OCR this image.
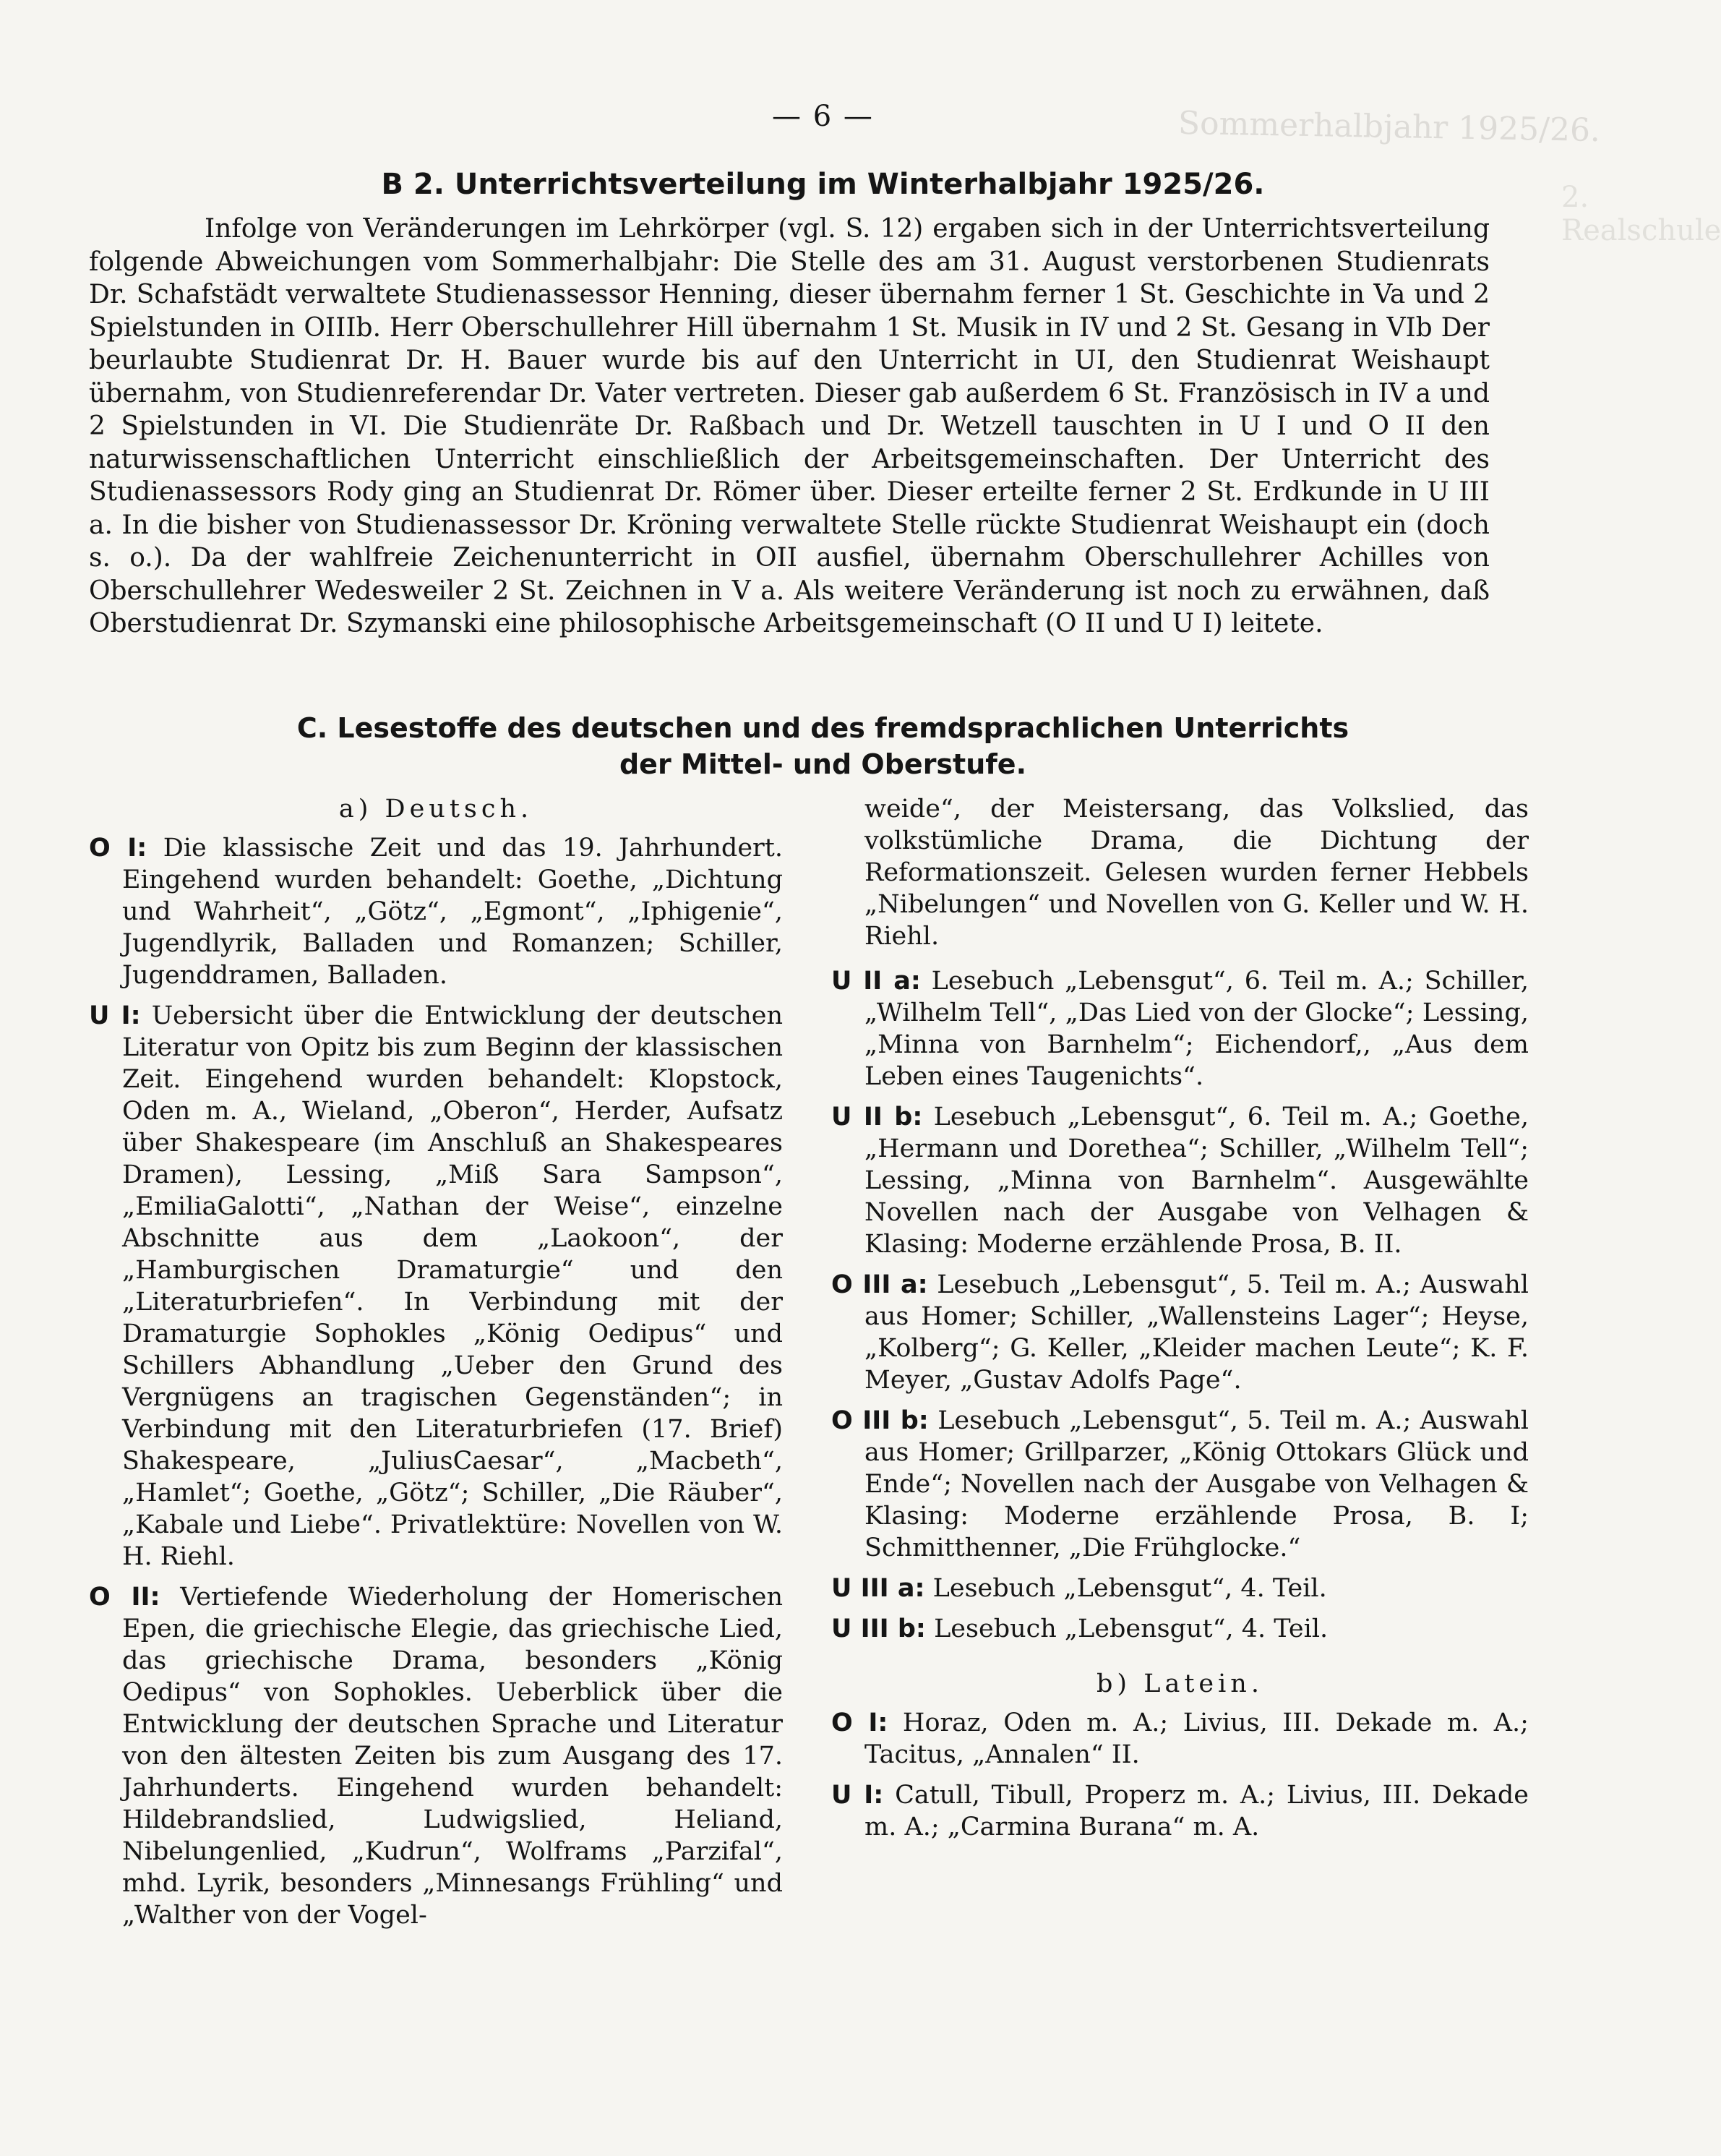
Sommerhalbjahr 1925/26.
2. Realschule
— 6 —
B 2. Unterrichtsverteilung im Winterhalbjahr 1925/26.

Infolge von Veränderungen im Lehrkörper (vgl. S. 12) ergaben sich in der Unterrichtsverteilung folgende Abweichungen vom Sommerhalbjahr: Die Stelle des am 31. August verstorbenen Studienrats Dr. Schafstädt verwaltete Studienassessor Henning, dieser übernahm ferner 1 St. Geschichte in Va und 2 Spielstunden in OIIIb. Herr Oberschullehrer Hill übernahm 1 St. Musik in IV und 2 St. Gesang in VIb Der beurlaubte Studienrat Dr. H. Bauer wurde bis auf den Unterricht in UI, den Studienrat Weishaupt übernahm, von Studienreferendar Dr. Vater vertreten. Dieser gab außerdem 6 St. Französisch in IV a und 2 Spielstunden in VI. Die Studienräte Dr. Raßbach und Dr. Wetzell tauschten in U I und O II den naturwissenschaftlichen Unterricht einschließlich der Arbeitsgemeinschaften. Der Unterricht des Studienassessors Rody ging an Studienrat Dr. Römer über. Dieser erteilte ferner 2 St. Erdkunde in U III a. In die bisher von Studienassessor Dr. Kröning verwaltete Stelle rückte Studienrat Weishaupt ein (doch s. o.). Da der wahlfreie Zeichenunterricht in OII ausfiel, übernahm Oberschullehrer Achilles von Oberschullehrer Wedesweiler 2 St. Zeichnen in V a. Als weitere Veränderung ist noch zu erwähnen, daß Oberstudienrat Dr. Szymanski eine philosophische Arbeitsgemeinschaft (O II und U I) leitete.

C. Lesestoffe des deutschen und des fremdsprachlichen Unterrichts
der Mittel- und Oberstufe.
a) Deutsch.

O I: Die klassische Zeit und das 19. Jahrhundert. Eingehend wurden behandelt: Goethe, „Dichtung und Wahrheit“, „Götz“, „Egmont“, „Iphigenie“, Jugendlyrik, Balladen und Romanzen; Schiller, Jugenddramen, Balladen.

U I: Uebersicht über die Entwicklung der deutschen Literatur von Opitz bis zum Beginn der klassischen Zeit. Eingehend wurden behandelt: Klopstock, Oden m. A., Wieland, „Oberon“, Herder, Aufsatz über Shakespeare (im Anschluß an Shakespeares Dramen), Lessing, „Miß Sara Sampson“, „EmiliaGalotti“, „Nathan der Weise“, einzelne Abschnitte aus dem „Laokoon“, der „Hamburgischen Dramaturgie“ und den „Literaturbriefen“. In Verbindung mit der Dramaturgie Sophokles „König Oedipus“ und Schillers Abhandlung „Ueber den Grund des Vergnügens an tragischen Gegenständen“; in Verbindung mit den Literaturbriefen (17. Brief) Shakespeare, „JuliusCaesar“, „Macbeth“, „Hamlet“; Goethe, „Götz“; Schiller, „Die Räuber“, „Kabale und Liebe“. Privatlektüre: Novellen von W. H. Riehl.

O II: Vertiefende Wiederholung der Homerischen Epen, die griechische Elegie, das griechische Lied, das griechische Drama, besonders „König Oedipus“ von Sophokles. Ueberblick über die Entwicklung der deutschen Sprache und Literatur von den ältesten Zeiten bis zum Ausgang des 17. Jahrhunderts. Eingehend wurden behandelt: Hildebrandslied, Ludwigslied, Heliand, Nibelungenlied, „Kudrun“, Wolframs „Parzifal“, mhd. Lyrik, besonders „Minnesangs Frühling“ und „Walther von der Vogel-

weide“, der Meistersang, das Volkslied, das volkstümliche Drama, die Dichtung der Reformationszeit. Gelesen wurden ferner Hebbels „Nibelungen“ und Novellen von G. Keller und W. H. Riehl.

U II a: Lesebuch „Lebensgut“, 6. Teil m. A.; Schiller, „Wilhelm Tell“, „Das Lied von der Glocke“; Lessing, „Minna von Barnhelm“; Eichendorf,, „Aus dem Leben eines Taugenichts“.

U II b: Lesebuch „Lebensgut“, 6. Teil m. A.; Goethe, „Hermann und Dorethea“; Schiller, „Wilhelm Tell“; Lessing, „Minna von Barnhelm“. Ausgewählte Novellen nach der Ausgabe von Velhagen & Klasing: Moderne erzählende Prosa, B. II.

O III a: Lesebuch „Lebensgut“, 5. Teil m. A.; Auswahl aus Homer; Schiller, „Wallensteins Lager“; Heyse, „Kolberg“; G. Keller, „Kleider machen Leute“; K. F. Meyer, „Gustav Adolfs Page“.

O III b: Lesebuch „Lebensgut“, 5. Teil m. A.; Auswahl aus Homer; Grillparzer, „König Ottokars Glück und Ende“; Novellen nach der Ausgabe von Velhagen & Klasing: Moderne erzählende Prosa, B. I; Schmitthenner, „Die Frühglocke.“

U III a: Lesebuch „Lebensgut“, 4. Teil.

U III b: Lesebuch „Lebensgut“, 4. Teil.

b) Latein.

O I: Horaz, Oden m. A.; Livius, III. Dekade m. A.; Tacitus, „Annalen“ II.

U I: Catull, Tibull, Properz m. A.; Livius, III. Dekade m. A.; „Carmina Burana“ m. A.
